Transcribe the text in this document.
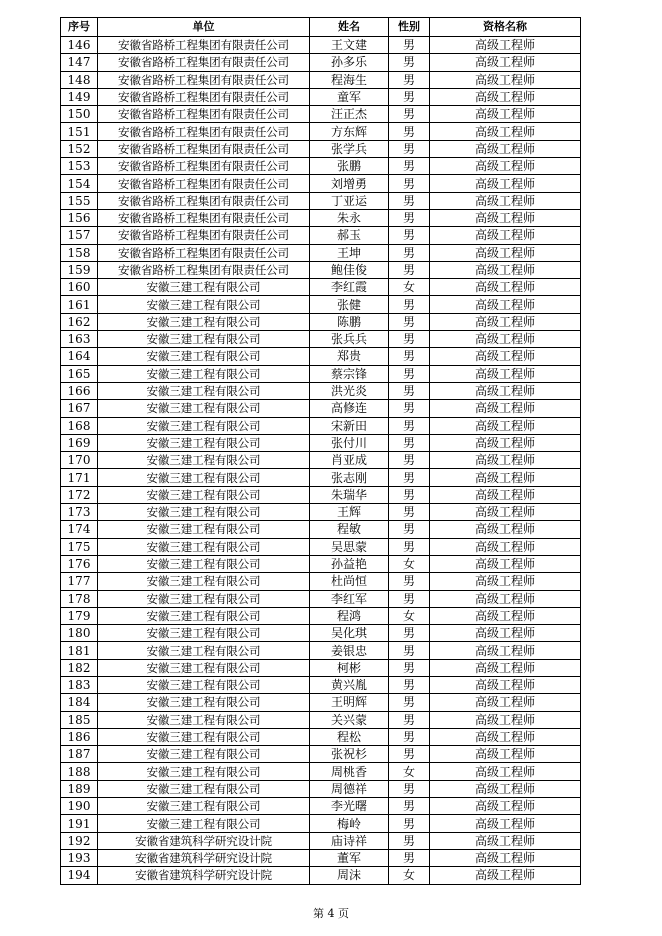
序号	单位	姓名	性别	资格名称
146	安徽省路桥工程集团有限责任公司	王文建	男	高级工程师
147	安徽省路桥工程集团有限责任公司	孙多乐	男	高级工程师
148	安徽省路桥工程集团有限责任公司	程海生	男	高级工程师
149	安徽省路桥工程集团有限责任公司	童军	男	高级工程师
150	安徽省路桥工程集团有限责任公司	汪正杰	男	高级工程师
151	安徽省路桥工程集团有限责任公司	方东辉	男	高级工程师
152	安徽省路桥工程集团有限责任公司	张学兵	男	高级工程师
153	安徽省路桥工程集团有限责任公司	张鹏	男	高级工程师
154	安徽省路桥工程集团有限责任公司	刘增勇	男	高级工程师
155	安徽省路桥工程集团有限责任公司	丁亚运	男	高级工程师
156	安徽省路桥工程集团有限责任公司	朱永	男	高级工程师
157	安徽省路桥工程集团有限责任公司	郝玉	男	高级工程师
158	安徽省路桥工程集团有限责任公司	王坤	男	高级工程师
159	安徽省路桥工程集团有限责任公司	鲍佳俊	男	高级工程师
160	安徽三建工程有限公司	李红霞	女	高级工程师
161	安徽三建工程有限公司	张健	男	高级工程师
162	安徽三建工程有限公司	陈鹏	男	高级工程师
163	安徽三建工程有限公司	张兵兵	男	高级工程师
164	安徽三建工程有限公司	郑贵	男	高级工程师
165	安徽三建工程有限公司	蔡宗锋	男	高级工程师
166	安徽三建工程有限公司	洪光炎	男	高级工程师
167	安徽三建工程有限公司	高修连	男	高级工程师
168	安徽三建工程有限公司	宋新田	男	高级工程师
169	安徽三建工程有限公司	张付川	男	高级工程师
170	安徽三建工程有限公司	肖亚成	男	高级工程师
171	安徽三建工程有限公司	张志刚	男	高级工程师
172	安徽三建工程有限公司	朱瑞华	男	高级工程师
173	安徽三建工程有限公司	王辉	男	高级工程师
174	安徽三建工程有限公司	程敏	男	高级工程师
175	安徽三建工程有限公司	吴思蒙	男	高级工程师
176	安徽三建工程有限公司	孙益艳	女	高级工程师
177	安徽三建工程有限公司	杜尚恒	男	高级工程师
178	安徽三建工程有限公司	李红军	男	高级工程师
179	安徽三建工程有限公司	程鸿	女	高级工程师
180	安徽三建工程有限公司	吴化琪	男	高级工程师
181	安徽三建工程有限公司	姜银忠	男	高级工程师
182	安徽三建工程有限公司	柯彬	男	高级工程师
183	安徽三建工程有限公司	黄兴胤	男	高级工程师
184	安徽三建工程有限公司	王明辉	男	高级工程师
185	安徽三建工程有限公司	关兴蒙	男	高级工程师
186	安徽三建工程有限公司	程松	男	高级工程师
187	安徽三建工程有限公司	张祝杉	男	高级工程师
188	安徽三建工程有限公司	周桃香	女	高级工程师
189	安徽三建工程有限公司	周德祥	男	高级工程师
190	安徽三建工程有限公司	李光曙	男	高级工程师
191	安徽三建工程有限公司	梅岭	男	高级工程师
192	安徽省建筑科学研究设计院	庙诗祥	男	高级工程师
193	安徽省建筑科学研究设计院	董军	男	高级工程师
194	安徽省建筑科学研究设计院	周沫	女	高级工程师
第 4 页
